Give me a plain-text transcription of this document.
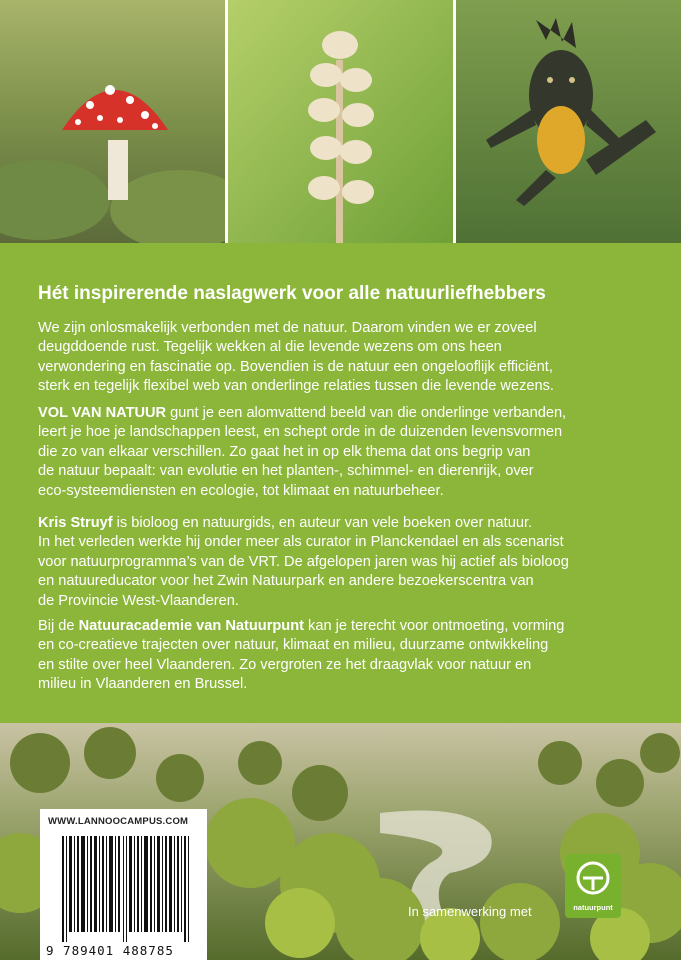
Hét inspirerende naslagwerk voor alle natuurliefhebbers
We zijn onlosmakelijk verbonden met de natuur. Daarom vinden we er zoveel
deugddoende rust. Tegelijk wekken al die levende wezens om ons heen
verwondering en fascinatie op. Bovendien is de natuur een ongelooflijk efficiënt,
sterk en tegelijk flexibel web van onderlinge relaties tussen die levende wezens.
VOL VAN NATUUR gunt je een alomvattend beeld van die onderlinge verbanden,
leert je hoe je landschappen leest, en schept orde in de duizenden levensvormen
die zo van elkaar verschillen. Zo gaat het in op elk thema dat ons begrip van
de natuur bepaalt: van evolutie en het planten-, schimmel- en dierenrijk, over
eco-systeemdiensten en ecologie, tot klimaat en natuurbeheer.
Kris Struyf is bioloog en natuurgids, en auteur van vele boeken over natuur.
In het verleden werkte hij onder meer als curator in Planckendael en als scenarist
voor natuurprogramma’s van de VRT. De afgelopen jaren was hij actief als bioloog
en natuureducator voor het Zwin Natuurpark en andere bezoekerscentra van
de Provincie West-Vlaanderen.
Bij de Natuuracademie van Natuurpunt kan je terecht voor ontmoeting, vorming
en co-creatieve trajecten over natuur, klimaat en milieu, duurzame ontwikkeling
en stilte over heel Vlaanderen. Zo vergroten ze het draagvlak voor natuur en
milieu in Vlaanderen en Brussel.
WWW.LANNOOCAMPUS.COM
9 789401 488785
In samenwerking met	natuurpunt
